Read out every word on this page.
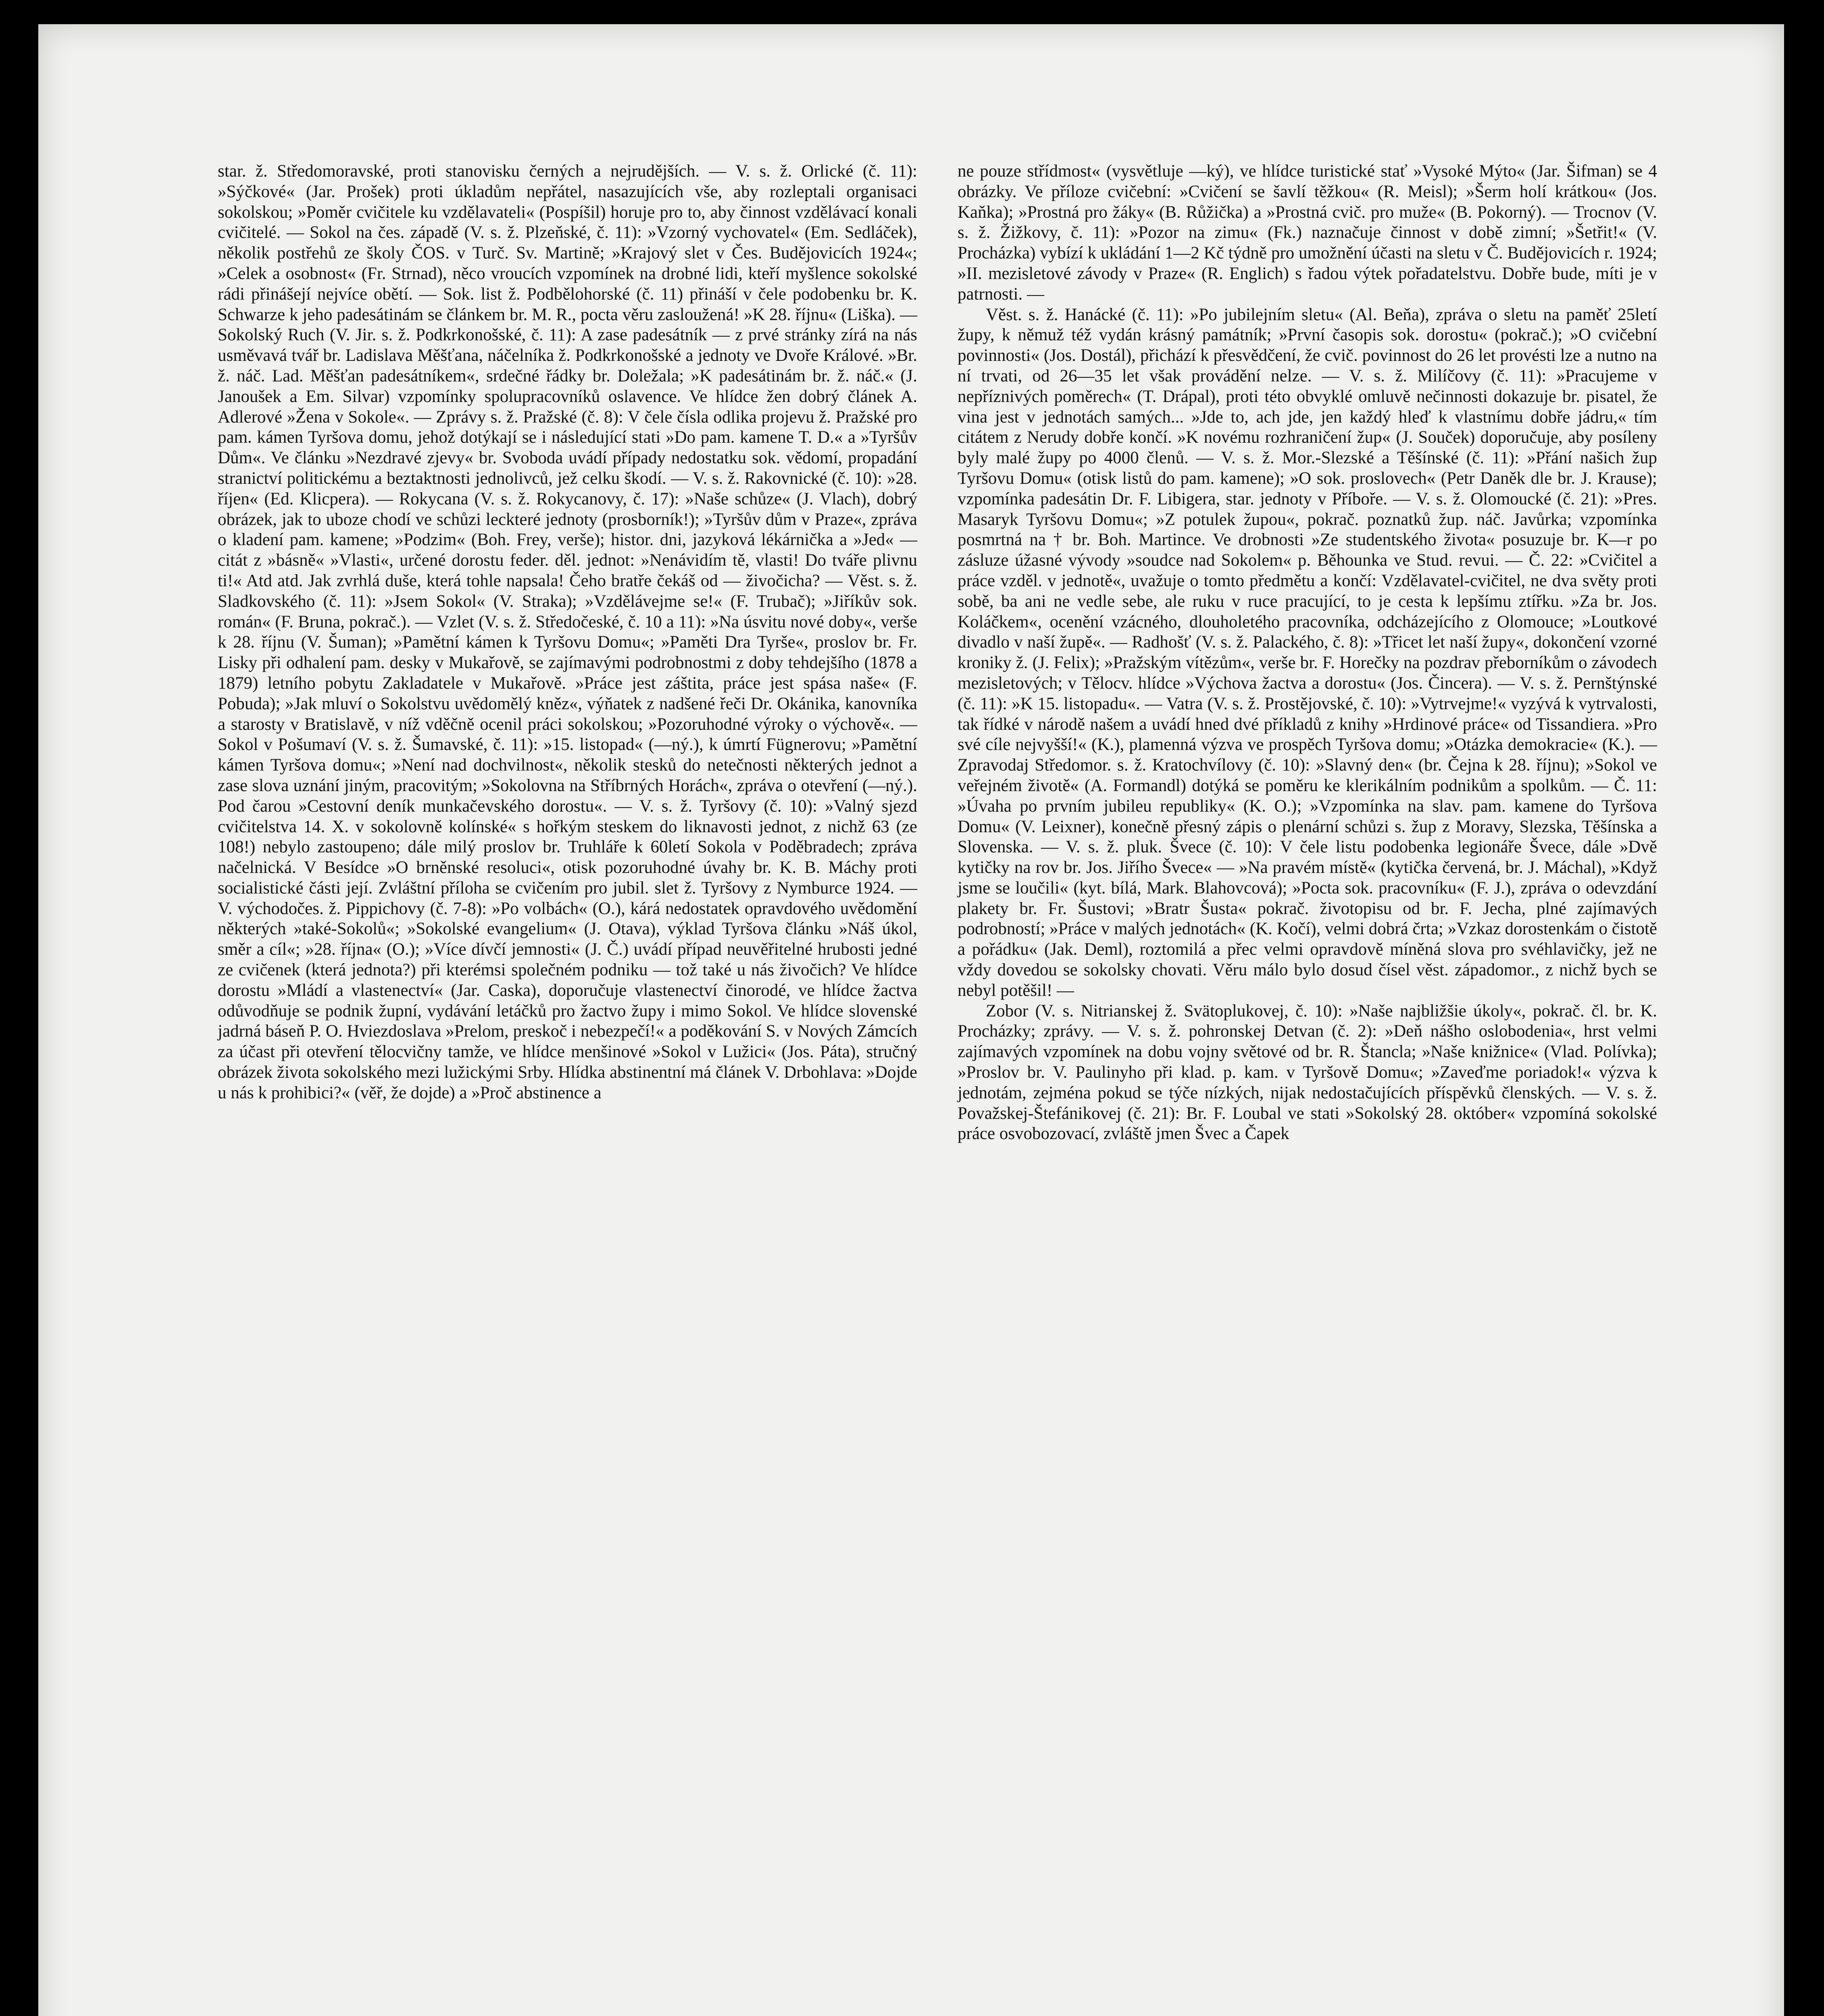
star. ž. Středomoravské, proti stanovisku černých a nejrudějších. — V. s. ž. Orlické (č. 11): »Sýčkové« (Jar. Prošek) proti úkladům nepřátel, nasazujících vše, aby rozleptali organisaci sokolskou; »Poměr cvičitele ku vzdělavateli« (Pospíšil) horuje pro to, aby činnost vzdělávací konali cvičitelé. — Sokol na čes. západě (V. s. ž. Plzeňské, č. 11): »Vzorný vychovatel« (Em. Sedláček), několik postřehů ze školy ČOS. v Turč. Sv. Martině; »Krajový slet v Čes. Budějovicích 1924«; »Celek a osobnost« (Fr. Strnad), něco vroucích vzpomínek na drobné lidi, kteří myšlence sokolské rádi přinášejí nejvíce obětí. — Sok. list ž. Podbělohorské (č. 11) přináší v čele podobenku br. K. Schwarze k jeho padesátinám se článkem br. M. R., pocta věru zasloužená! »K 28. říjnu« (Liška). — Sokolský Ruch (V. Jir. s. ž. Podkrkonošské, č. 11): A zase padesátník — z prvé stránky zírá na nás usměvavá tvář br. Ladislava Měšťana, náčelníka ž. Podkrkonošské a jednoty ve Dvoře Králové. »Br. ž. náč. Lad. Měšťan padesátníkem«, srdečné řádky br. Doležala; »K padesátinám br. ž. náč.« (J. Janoušek a Em. Silvar) vzpomínky spolupracovníků oslavence. Ve hlídce žen dobrý článek A. Adlerové »Žena v Sokole«. — Zprávy s. ž. Pražské (č. 8): V čele čísla odlika projevu ž. Pražské pro pam. kámen Tyršova domu, jehož dotýkají se i následující stati »Do pam. kamene T. D.« a »Tyršův Dům«. Ve článku »Nezdravé zjevy« br. Svoboda uvádí případy nedostatku sok. vědomí, propadání stranictví politickému a beztaktnosti jednolivců, jež celku škodí. — V. s. ž. Rakovnické (č. 10): »28. říjen« (Ed. Klicpera). — Rokycana (V. s. ž. Rokycanovy, č. 17): »Naše schůze« (J. Vlach), dobrý obrázek, jak to uboze chodí ve schůzi leckteré jednoty (prosborník!); »Tyršův dům v Praze«, zpráva o kladení pam. kamene; »Podzim« (Boh. Frey, verše); histor. dni, jazyková lékárnička a »Jed« — citát z »básně« »Vlasti«, určené dorostu feder. děl. jednot: »Nenávidím tě, vlasti! Do tváře plivnu ti!« Atd atd. Jak zvrhlá duše, která tohle napsala! Čeho bratře čekáš od — živočicha? — Věst. s. ž. Sladkovského (č. 11): »Jsem Sokol« (V. Straka); »Vzdělávejme se!« (F. Trubač); »Jiříkův sok. román« (F. Bruna, pokrač.). — Vzlet (V. s. ž. Středočeské, č. 10 a 11): »Na úsvitu nové doby«, verše k 28. říjnu (V. Šuman); »Pamětní kámen k Tyršovu Domu«; »Paměti Dra Tyrše«, proslov br. Fr. Lisky při odhalení pam. desky v Mukařově, se zajímavými podrobnostmi z doby tehdejšího (1878 a 1879) letního pobytu Zakladatele v Mukařově. »Práce jest záštita, práce jest spása naše« (F. Pobuda); »Jak mluví o Sokolstvu uvědomělý kněz«, výňatek z nadšené řeči Dr. Okánika, kanovníka a starosty v Bratislavě, v níž vděčně ocenil práci sokolskou; »Pozoruhodné výroky o výchově«. — Sokol v Pošumaví (V. s. ž. Šumavské, č. 11): »15. listopad« (—ný.), k úmrtí Fügnerovu; »Pamětní kámen Tyršova domu«; »Není nad dochvilnost«, několik stesků do netečnosti některých jednot a zase slova uznání jiným, pracovitým; »Sokolovna na Stříbrných Horách«, zpráva o otevření (—ný.). Pod čarou »Cestovní deník munkačevského dorostu«. — V. s. ž. Tyršovy (č. 10): »Valný sjezd cvičitelstva 14. X. v sokolovně kolínské« s hořkým steskem do liknavosti jednot, z nichž 63 (ze 108!) nebylo zastoupeno; dále milý proslov br. Truhláře k 60letí Sokola v Poděbradech; zpráva načelnická. V Besídce »O brněnské resoluci«, otisk pozoruhodné úvahy br. K. B. Máchy proti socialistické části její. Zvláštní příloha se cvičením pro jubil. slet ž. Tyršovy z Nymburce 1924. — V. východočes. ž. Pippichovy (č. 7-8): »Po volbách« (O.), kárá nedostatek opravdového uvědomění některých »také-Sokolů«; »Sokolské evangelium« (J. Otava), výklad Tyršova článku »Náš úkol, směr a cíl«; »28. října« (O.); »Více dívčí jemnosti« (J. Č.) uvádí případ neuvěřitelné hrubosti jedné ze cvičenek (která jednota?) při kterémsi společném podniku — tož také u nás živočich? Ve hlídce dorostu »Mládí a vlastenectví« (Jar. Caska), doporučuje vlastenectví činorodé, ve hlídce žactva odůvodňuje se podnik župní, vydávání letáčků pro žactvo župy i mimo Sokol. Ve hlídce slovenské jadrná báseň P. O. Hviezdoslava »Prelom, preskoč i nebezpečí!« a poděkování S. v Nových Zámcích za účast při otevření tělocvičny tamže, ve hlídce menšinové »Sokol v Lužici« (Jos. Páta), stručný obrázek života sokolského mezi lužickými Srby. Hlídka abstinentní má článek V. Drbohlava: »Dojde u nás k prohibici?« (věř, že dojde) a »Proč abstinence a

ne pouze střídmost« (vysvětluje —ký), ve hlídce turistické stať »Vysoké Mýto« (Jar. Šifman) se 4 obrázky. Ve příloze cvičební: »Cvičení se šavlí těžkou« (R. Meisl); »Šerm holí krátkou« (Jos. Kaňka); »Prostná pro žáky« (B. Růžička) a »Prostná cvič. pro muže« (B. Pokorný). — Trocnov (V. s. ž. Žižkovy, č. 11): »Pozor na zimu« (Fk.) naznačuje činnost v době zimní; »Šetřit!« (V. Procházka) vybízí k ukládání 1—2 Kč týdně pro umožnění účasti na sletu v Č. Budějovicích r. 1924; »II. mezisletové závody v Praze« (R. Englich) s řadou výtek pořadatelstvu. Dobře bude, míti je v patrnosti. —

Věst. s. ž. Hanácké (č. 11): »Po jubilejním sletu« (Al. Beňa), zpráva o sletu na paměť 25letí župy, k němuž též vydán krásný památník; »První časopis sok. dorostu« (pokrač.); »O cvičební povinnosti« (Jos. Dostál), přichází k přesvědčení, že cvič. povinnost do 26 let provésti lze a nutno na ní trvati, od 26—35 let však provádění nelze. — V. s. ž. Milíčovy (č. 11): »Pracujeme v nepříznivých poměrech« (T. Drápal), proti této obvyklé omluvě nečinnosti dokazuje br. pisatel, že vina jest v jednotách samých... »Jde to, ach jde, jen každý hleď k vlastnímu dobře jádru,« tím citátem z Nerudy dobře končí. »K novému rozhraničení žup« (J. Souček) doporučuje, aby posíleny byly malé župy po 4000 členů. — V. s. ž. Mor.-Slezské a Těšínské (č. 11): »Přání našich žup Tyršovu Domu« (otisk listů do pam. kamene); »O sok. proslovech« (Petr Daněk dle br. J. Krause); vzpomínka padesátin Dr. F. Libigera, star. jednoty v Příboře. — V. s. ž. Olomoucké (č. 21): »Pres. Masaryk Tyršovu Domu«; »Z potulek župou«, pokrač. poznatků žup. náč. Javůrka; vzpomínka posmrtná na † br. Boh. Martince. Ve drobnosti »Ze studentského života« posuzuje br. K—r po zásluze úžasné vývody »soudce nad Sokolem« p. Běhounka ve Stud. revui. — Č. 22: »Cvičitel a práce vzděl. v jednotě«, uvažuje o tomto předmětu a končí: Vzdělavatel-cvičitel, ne dva světy proti sobě, ba ani ne vedle sebe, ale ruku v ruce pracující, to je cesta k lepšímu ztířku. »Za br. Jos. Koláčkem«, ocenění vzácného, dlouholetého pracovníka, odcházejícího z Olomouce; »Loutkové divadlo v naší župě«. — Radhošť (V. s. ž. Palackého, č. 8): »Třicet let naší župy«, dokončení vzorné kroniky ž. (J. Felix); »Pražským vítězům«, verše br. F. Horečky na pozdrav přeborníkům o závodech mezisletových; v Tělocv. hlídce »Výchova žactva a dorostu« (Jos. Čincera). — V. s. ž. Pernštýnské (č. 11): »K 15. listopadu«. — Vatra (V. s. ž. Prostějovské, č. 10): »Vytrvejme!« vyzývá k vytrvalosti, tak řídké v národě našem a uvádí hned dvé příkladů z knihy »Hrdinové práce« od Tissandiera. »Pro své cíle nejvyšší!« (K.), plamenná výzva ve prospěch Tyršova domu; »Otázka demokracie« (K.). — Zpravodaj Středomor. s. ž. Kratochvílovy (č. 10): »Slavný den« (br. Čejna k 28. říjnu); »Sokol ve veřejném životě« (A. Formandl) dotýká se poměru ke klerikálním podnikům a spolkům. — Č. 11: »Úvaha po prvním jubileu republiky« (K. O.); »Vzpomínka na slav. pam. kamene do Tyršova Domu« (V. Leixner), konečně přesný zápis o plenární schůzi s. žup z Moravy, Slezska, Těšínska a Slovenska. — V. s. ž. pluk. Švece (č. 10): V čele listu podobenka legionáře Švece, dále »Dvě kytičky na rov br. Jos. Jiřího Švece« — »Na pravém místě« (kytička červená, br. J. Máchal), »Když jsme se loučili« (kyt. bílá, Mark. Blahovcová); »Pocta sok. pracovníku« (F. J.), zpráva o odevzdání plakety br. Fr. Šustovi; »Bratr Šusta« pokrač. životopisu od br. F. Jecha, plné zajímavých podrobností; »Práce v malých jednotách« (K. Kočí), velmi dobrá črta; »Vzkaz dorostenkám o čistotě a pořádku« (Jak. Deml), roztomilá a přec velmi opravdově míněná slova pro svéhlavičky, jež ne vždy dovedou se sokolsky chovati. Věru málo bylo dosud čísel věst. západomor., z nichž bych se nebyl potěšil! —

Zobor (V. s. Nitrianskej ž. Svätoplukovej, č. 10): »Naše najbližšie úkoly«, pokrač. čl. br. K. Procházky; zprávy. — V. s. ž. pohronskej Detvan (č. 2): »Deň nášho oslobodenia«, hrst velmi zajímavých vzpomínek na dobu vojny světové od br. R. Štancla; »Naše knižnice« (Vlad. Polívka); »Proslov br. V. Paulinyho při klad. p. kam. v Tyršově Domu«; »Zaveďme poriadok!« výzva k jednotám, zejména pokud se týče nízkých, nijak nedostačujících příspěvků členských. — V. s. ž. Považskej-Štefánikovej (č. 21): Br. F. Loubal ve stati »Sokolský 28. október« vzpomíná sokolské práce osvobozovací, zvláště jmen Švec a Čapek
